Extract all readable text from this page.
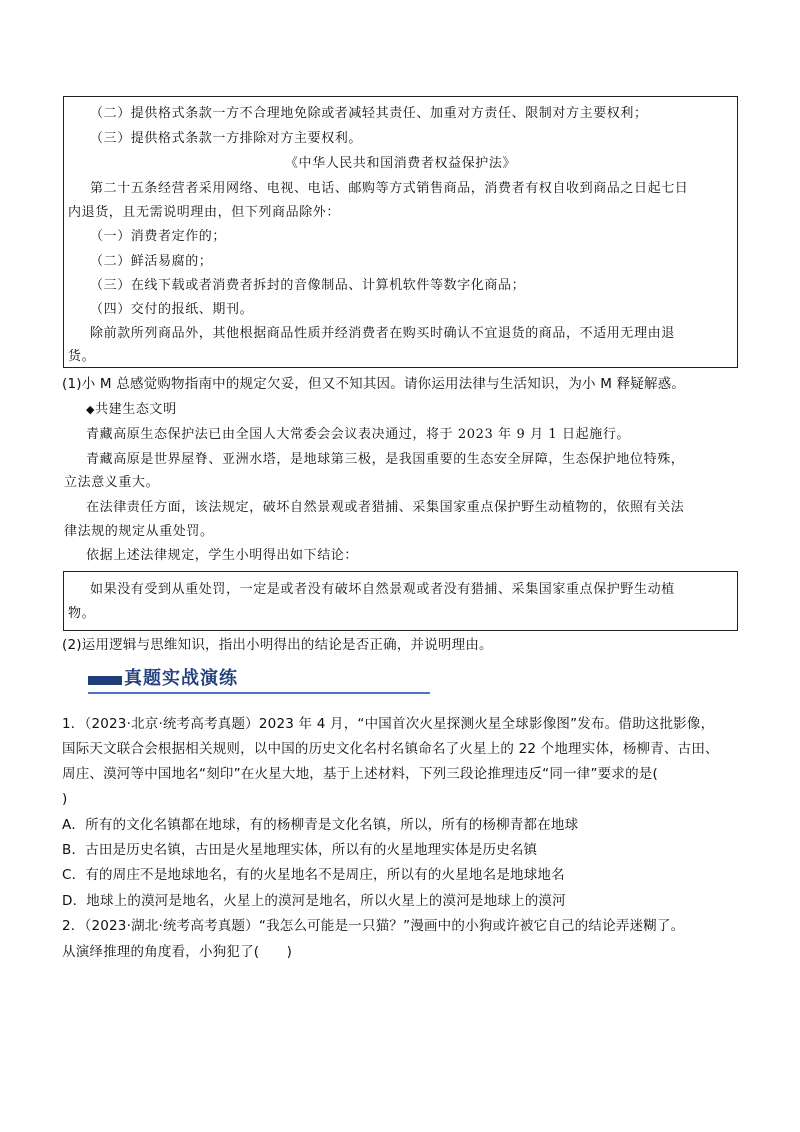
（二）提供格式条款一方不合理地免除或者减轻其责任、加重对方责任、限制对方主要权利；
（三）提供格式条款一方排除对方主要权利。
《中华人民共和国消费者权益保护法》
第二十五条经营者采用网络、电视、电话、邮购等方式销售商品，消费者有权自收到商品之日起七日
内退货，且无需说明理由，但下列商品除外：
（一）消费者定作的；
（二）鲜活易腐的；
（三）在线下载或者消费者拆封的音像制品、计算机软件等数字化商品；
（四）交付的报纸、期刊。
除前款所列商品外，其他根据商品性质并经消费者在购买时确认不宜退货的商品，不适用无理由退
货。
(1)小 M 总感觉购物指南中的规定欠妥，但又不知其因。请你运用法律与生活知识，为小 M 释疑解惑。
◆共建生态文明
青藏高原生态保护法已由全国人大常委会会议表决通过，将于 2023 年 9 月 1 日起施行。
青藏高原是世界屋脊、亚洲水塔，是地球第三极，是我国重要的生态安全屏障，生态保护地位特殊，
立法意义重大。
在法律责任方面，该法规定，破坏自然景观或者猎捕、采集国家重点保护野生动植物的，依照有关法
律法规的规定从重处罚。
依据上述法律规定，学生小明得出如下结论：
如果没有受到从重处罚，一定是或者没有破坏自然景观或者没有猎捕、采集国家重点保护野生动植
物。
(2)运用逻辑与思维知识，指出小明得出的结论是否正确，并说明理由。
真题实战演练
1．（2023·北京·统考高考真题）2023 年 4 月，“中国首次火星探测火星全球影像图”发布。借助这批影像，
国际天文联合会根据相关规则，以中国的历史文化名村名镇命名了火星上的 22 个地理实体，杨柳青、古田、
周庄、漠河等中国地名“刻印”在火星大地，基于上述材料，下列三段论推理违反“同一律”要求的是(
)
A．所有的文化名镇都在地球，有的杨柳青是文化名镇，所以，所有的杨柳青都在地球
B．古田是历史名镇，古田是火星地理实体，所以有的火星地理实体是历史名镇
C．有的周庄不是地球地名，有的火星地名不是周庄，所以有的火星地名是地球地名
D．地球上的漠河是地名，火星上的漠河是地名，所以火星上的漠河是地球上的漠河
2．（2023·湖北·统考高考真题）“我怎么可能是一只猫？”漫画中的小狗或许被它自己的结论弄迷糊了。
从演绎推理的角度看，小狗犯了(　　)
